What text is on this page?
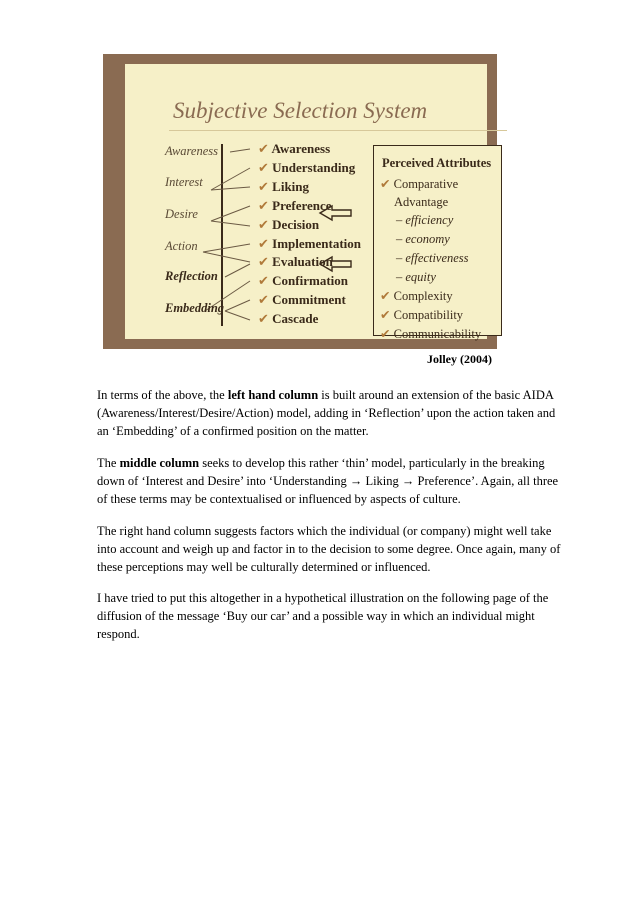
Subjective Selection System
Awareness
Interest
Desire
Action
Reflection
Embedding
✔ Awareness
✔ Understanding
✔ Liking
✔ Preference
✔ Decision
✔ Implementation
✔ Evaluation
✔ Confirmation
✔ Commitment
✔ Cascade
Perceived Attributes
✔ Comparative
Advantage
– efficiency
– economy
– effectiveness
– equity
✔ Complexity
✔ Compatibility
✔ Communicability
Jolley (2004)

In terms of the above, the left hand column is built around an extension of the basic AIDA (Awareness/Interest/Desire/Action) model, adding in ‘Reflection’ upon the action taken and an ‘Embedding’ of a confirmed position on the matter.

The middle column seeks to develop this rather ‘thin’ model, particularly in the breaking down of ‘Interest and Desire’ into ‘Understanding → Liking → Preference’. Again, all three of these terms may be contextualised or influenced by aspects of culture.

The right hand column suggests factors which the individual (or company) might well take into account and weigh up and factor in to the decision to some degree. Once again, many of these perceptions may well be culturally determined or influenced.

I have tried to put this altogether in a hypothetical illustration on the following page of the diffusion of the message ‘Buy our car’ and a possible way in which an individual might respond.
